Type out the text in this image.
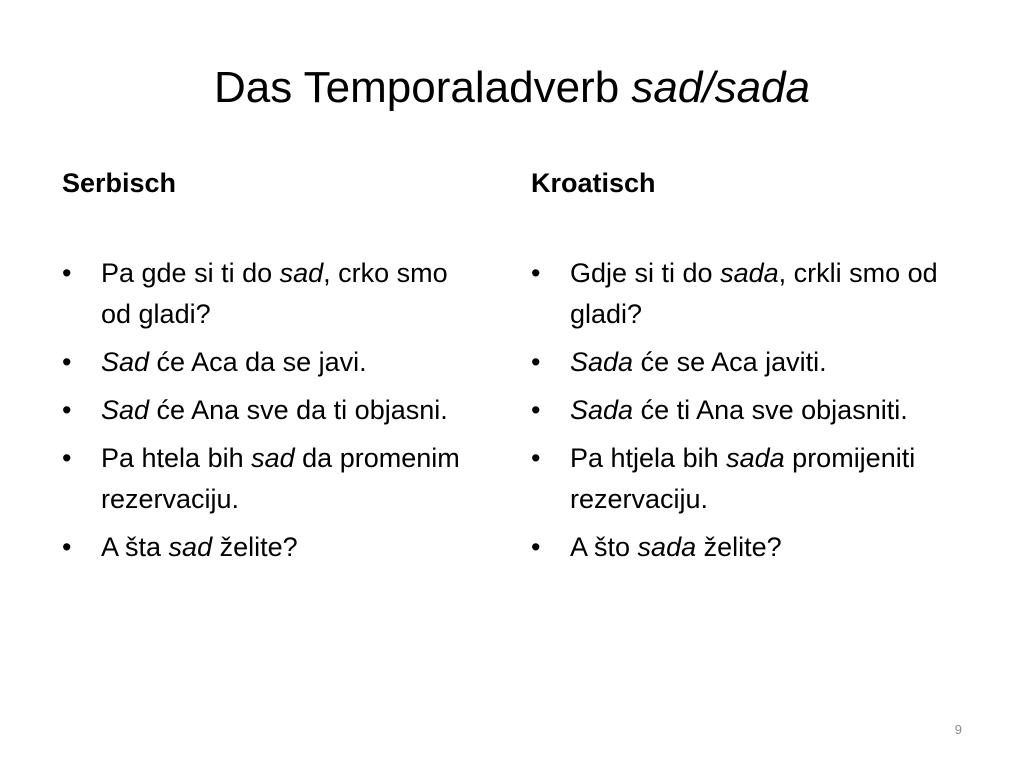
Das Temporaladverb sad/sada
Serbisch
• Pa gde si ti do sad, crko smo od gladi?
• Sad će Aca da se javi.
• Sad će Ana sve da ti objasni.
• Pa htela bih sad da promenim rezervaciju.
• A šta sad želite?
Kroatisch
• Gdje si ti do sada, crkli smo od gladi?
• Sada će se Aca javiti.
• Sada će ti Ana sve objasniti.
• Pa htjela bih sada promijeniti rezervaciju.
• A što sada želite?
9
